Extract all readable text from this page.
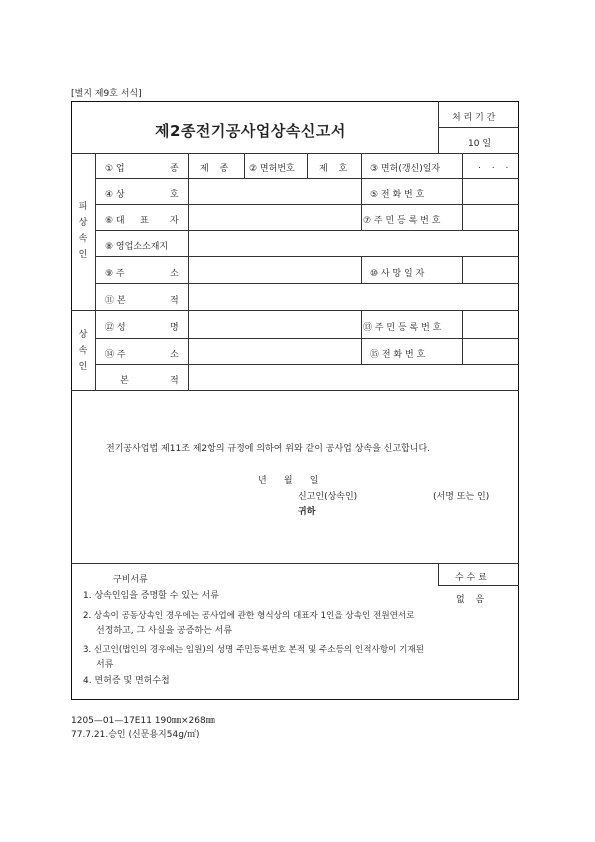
[별지 제9호 서식]
제2종전기공사업상속신고서
처 리 기 간
10 일
피
상
속
인
① 업	종 제 종 ② 면허번호	제 호 ③ 면허(갱신)일자	. . .
④ 상	호	⑤ 전 화 번 호
⑥ 대 표 자	⑦ 주 민 등 록 번 호
⑧ 영업소소재지
⑨ 주	소	⑩ 사 망 일 자
⑪ 본	적
상
속
인
⑫ 성	명	⑬ 주 민 등 록 번 호
⑭ 주	소	⑮ 전 화 번 호
본	적
전기공사업법 제11조 제2항의 규정에 의하여 위와 같이 공사업 상속을 신고합니다.
년      월      일
신고인(상속인)	(서명 또는 인)
귀하
수 수 료
없 음
구비서류
1. 상속인임을 증명할 수 있는 서류
2. 상속이 공동상속인 경우에는 공사업에 관한 형식상의 대표자 1인을 상속인 전원연서로
선정하고, 그 사실을 공증하는 서류
3. 신고인(법인의 경우에는 임원)의 성명 주민등록번호 본적 및 주소등의 인적사항이 기재된
서류
4. 면허증 및 면허수첩
1205—01—17E11 190㎜×268㎜
77.7.21.승인 (신문용지54g/㎡)
